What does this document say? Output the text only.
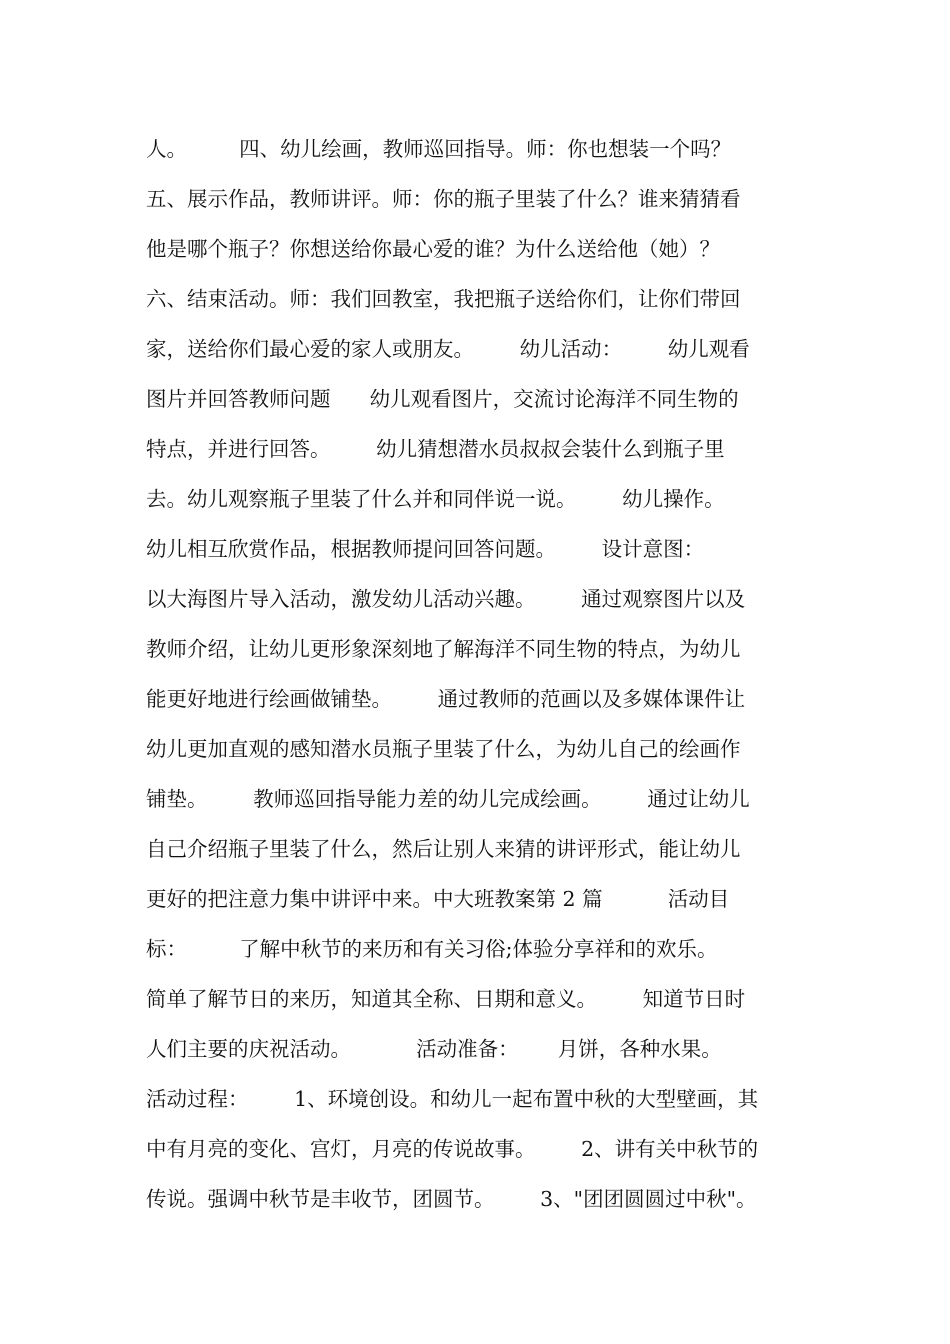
人。        四、幼儿绘画，教师巡回指导。师：你也想装一个吗？
五、展示作品，教师讲评。师：你的瓶子里装了什么？谁来猜猜看
他是哪个瓶子？你想送给你最心爱的谁？为什么送给他（她）？
六、结束活动。师：我们回教室，我把瓶子送给你们，让你们带回
家，送给你们最心爱的家人或朋友。       幼儿活动：       幼儿观看
图片并回答教师问题      幼儿观看图片，交流讨论海洋不同生物的
特点，并进行回答。       幼儿猜想潜水员叔叔会装什么到瓶子里
去。幼儿观察瓶子里装了什么并和同伴说一说。       幼儿操作。
幼儿相互欣赏作品，根据教师提问回答问题。       设计意图：
以大海图片导入活动，激发幼儿活动兴趣。       通过观察图片以及
教师介绍，让幼儿更形象深刻地了解海洋不同生物的特点，为幼儿
能更好地进行绘画做铺垫。       通过教师的范画以及多媒体课件让
幼儿更加直观的感知潜水员瓶子里装了什么，为幼儿自己的绘画作
铺垫。       教师巡回指导能力差的幼儿完成绘画。       通过让幼儿
自己介绍瓶子里装了什么，然后让别人来猜的讲评形式，能让幼儿
更好的把注意力集中讲评中来。中大班教案第 2 篇          活动目
标：        了解中秋节的来历和有关习俗;体验分享祥和的欢乐。
简单了解节日的来历，知道其全称、日期和意义。       知道节日时
人们主要的庆祝活动。          活动准备：      月饼，各种水果。
活动过程：       1、环境创设。和幼儿一起布置中秋的大型壁画，其
中有月亮的变化、宫灯，月亮的传说故事。       2、讲有关中秋节的
传说。强调中秋节是丰收节，团圆节。       3、"团团圆圆过中秋"。
